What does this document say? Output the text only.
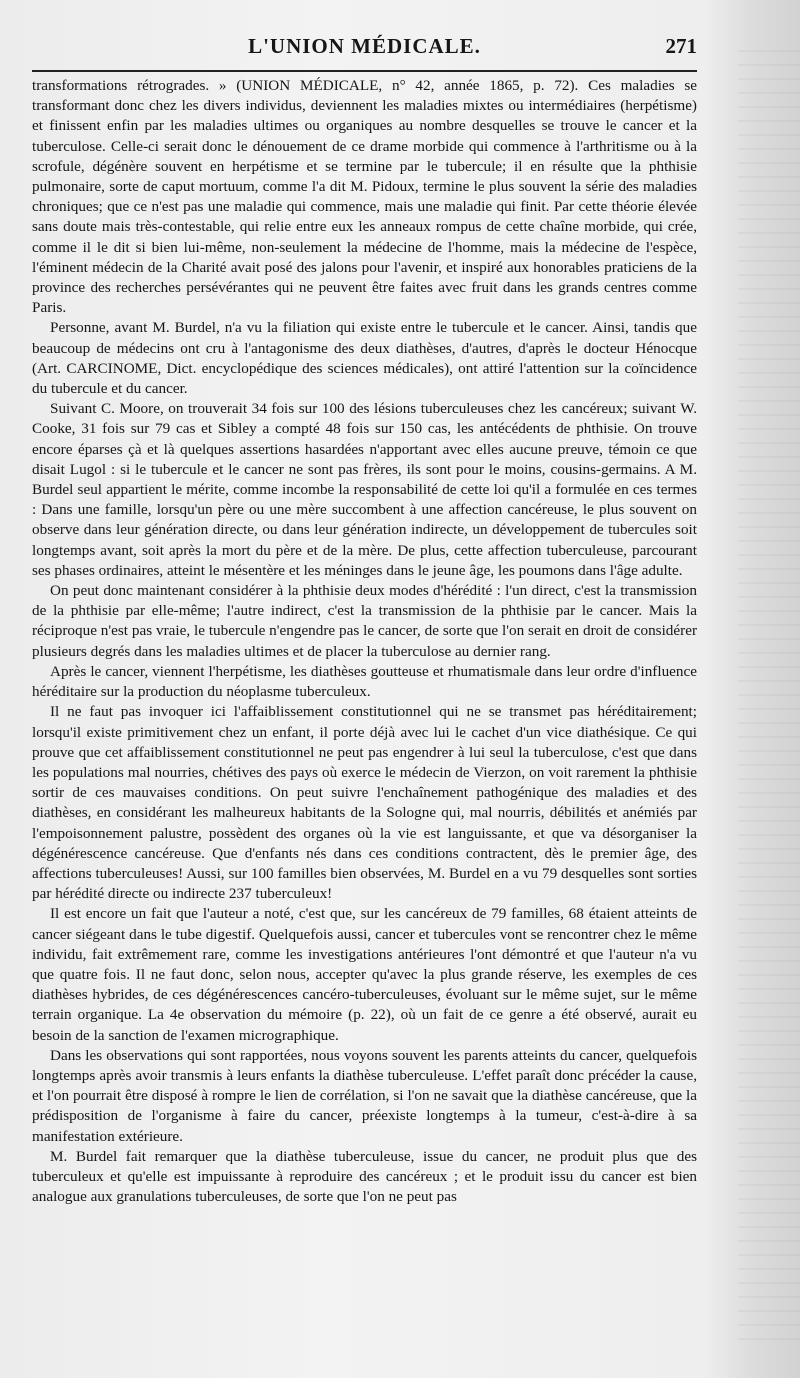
L'UNION MÉDICALE.	271

transformations rétrogrades. » (UNION MÉDICALE, n° 42, année 1865, p. 72). Ces maladies se transformant donc chez les divers individus, deviennent les maladies mixtes ou intermédiaires (herpétisme) et finissent enfin par les maladies ultimes ou organiques au nombre desquelles se trouve le cancer et la tuberculose. Celle-ci serait donc le dénouement de ce drame morbide qui commence à l'arthritisme ou à la scrofule, dégénère souvent en herpétisme et se termine par le tubercule; il en résulte que la phthisie pulmonaire, sorte de caput mortuum, comme l'a dit M. Pidoux, termine le plus souvent la série des maladies chroniques; que ce n'est pas une maladie qui commence, mais une maladie qui finit. Par cette théorie élevée sans doute mais très-contestable, qui relie entre eux les anneaux rompus de cette chaîne morbide, qui crée, comme il le dit si bien lui-même, non-seulement la médecine de l'homme, mais la médecine de l'espèce, l'éminent médecin de la Charité avait posé des jalons pour l'avenir, et inspiré aux honorables praticiens de la province des recherches persévérantes qui ne peuvent être faites avec fruit dans les grands centres comme Paris.

Personne, avant M. Burdel, n'a vu la filiation qui existe entre le tubercule et le cancer. Ainsi, tandis que beaucoup de médecins ont cru à l'antagonisme des deux diathèses, d'autres, d'après le docteur Hénocque (Art. CARCINOME, Dict. encyclopédique des sciences médicales), ont attiré l'attention sur la coïncidence du tubercule et du cancer.

Suivant C. Moore, on trouverait 34 fois sur 100 des lésions tuberculeuses chez les cancéreux; suivant W. Cooke, 31 fois sur 79 cas et Sibley a compté 48 fois sur 150 cas, les antécédents de phthisie. On trouve encore éparses çà et là quelques assertions hasardées n'apportant avec elles aucune preuve, témoin ce que disait Lugol : si le tubercule et le cancer ne sont pas frères, ils sont pour le moins, cousins-germains. A M. Burdel seul appartient le mérite, comme incombe la responsabilité de cette loi qu'il a formulée en ces termes : Dans une famille, lorsqu'un père ou une mère succombent à une affection cancéreuse, le plus souvent on observe dans leur génération directe, ou dans leur génération indirecte, un développement de tubercules soit longtemps avant, soit après la mort du père et de la mère. De plus, cette affection tuberculeuse, parcourant ses phases ordinaires, atteint le mésentère et les méninges dans le jeune âge, les poumons dans l'âge adulte.

On peut donc maintenant considérer à la phthisie deux modes d'hérédité : l'un direct, c'est la transmission de la phthisie par elle-même; l'autre indirect, c'est la transmission de la phthisie par le cancer. Mais la réciproque n'est pas vraie, le tubercule n'engendre pas le cancer, de sorte que l'on serait en droit de considérer plusieurs degrés dans les maladies ultimes et de placer la tuberculose au dernier rang.

Après le cancer, viennent l'herpétisme, les diathèses goutteuse et rhumatismale dans leur ordre d'influence héréditaire sur la production du néoplasme tuberculeux.

Il ne faut pas invoquer ici l'affaiblissement constitutionnel qui ne se transmet pas héréditairement; lorsqu'il existe primitivement chez un enfant, il porte déjà avec lui le cachet d'un vice diathésique. Ce qui prouve que cet affaiblissement constitutionnel ne peut pas engendrer à lui seul la tuberculose, c'est que dans les populations mal nourries, chétives des pays où exerce le médecin de Vierzon, on voit rarement la phthisie sortir de ces mauvaises conditions. On peut suivre l'enchaînement pathogénique des maladies et des diathèses, en considérant les malheureux habitants de la Sologne qui, mal nourris, débilités et anémiés par l'empoisonnement palustre, possèdent des organes où la vie est languissante, et que va désorganiser la dégénérescence cancéreuse. Que d'enfants nés dans ces conditions contractent, dès le premier âge, des affections tuberculeuses! Aussi, sur 100 familles bien observées, M. Burdel en a vu 79 desquelles sont sorties par hérédité directe ou indirecte 237 tuberculeux!

Il est encore un fait que l'auteur a noté, c'est que, sur les cancéreux de 79 familles, 68 étaient atteints de cancer siégeant dans le tube digestif. Quelquefois aussi, cancer et tubercules vont se rencontrer chez le même individu, fait extrêmement rare, comme les investigations antérieures l'ont démontré et que l'auteur n'a vu que quatre fois. Il ne faut donc, selon nous, accepter qu'avec la plus grande réserve, les exemples de ces diathèses hybrides, de ces dégénérescences cancéro-tuberculeuses, évoluant sur le même sujet, sur le même terrain organique. La 4e observation du mémoire (p. 22), où un fait de ce genre a été observé, aurait eu besoin de la sanction de l'examen micrographique.

Dans les observations qui sont rapportées, nous voyons souvent les parents atteints du cancer, quelquefois longtemps après avoir transmis à leurs enfants la diathèse tuberculeuse. L'effet paraît donc précéder la cause, et l'on pourrait être disposé à rompre le lien de corrélation, si l'on ne savait que la diathèse cancéreuse, que la prédisposition de l'organisme à faire du cancer, préexiste longtemps à la tumeur, c'est-à-dire à sa manifestation extérieure.

M. Burdel fait remarquer que la diathèse tuberculeuse, issue du cancer, ne produit plus que des tuberculeux et qu'elle est impuissante à reproduire des cancéreux ; et le produit issu du cancer est bien analogue aux granulations tuberculeuses, de sorte que l'on ne peut pas
